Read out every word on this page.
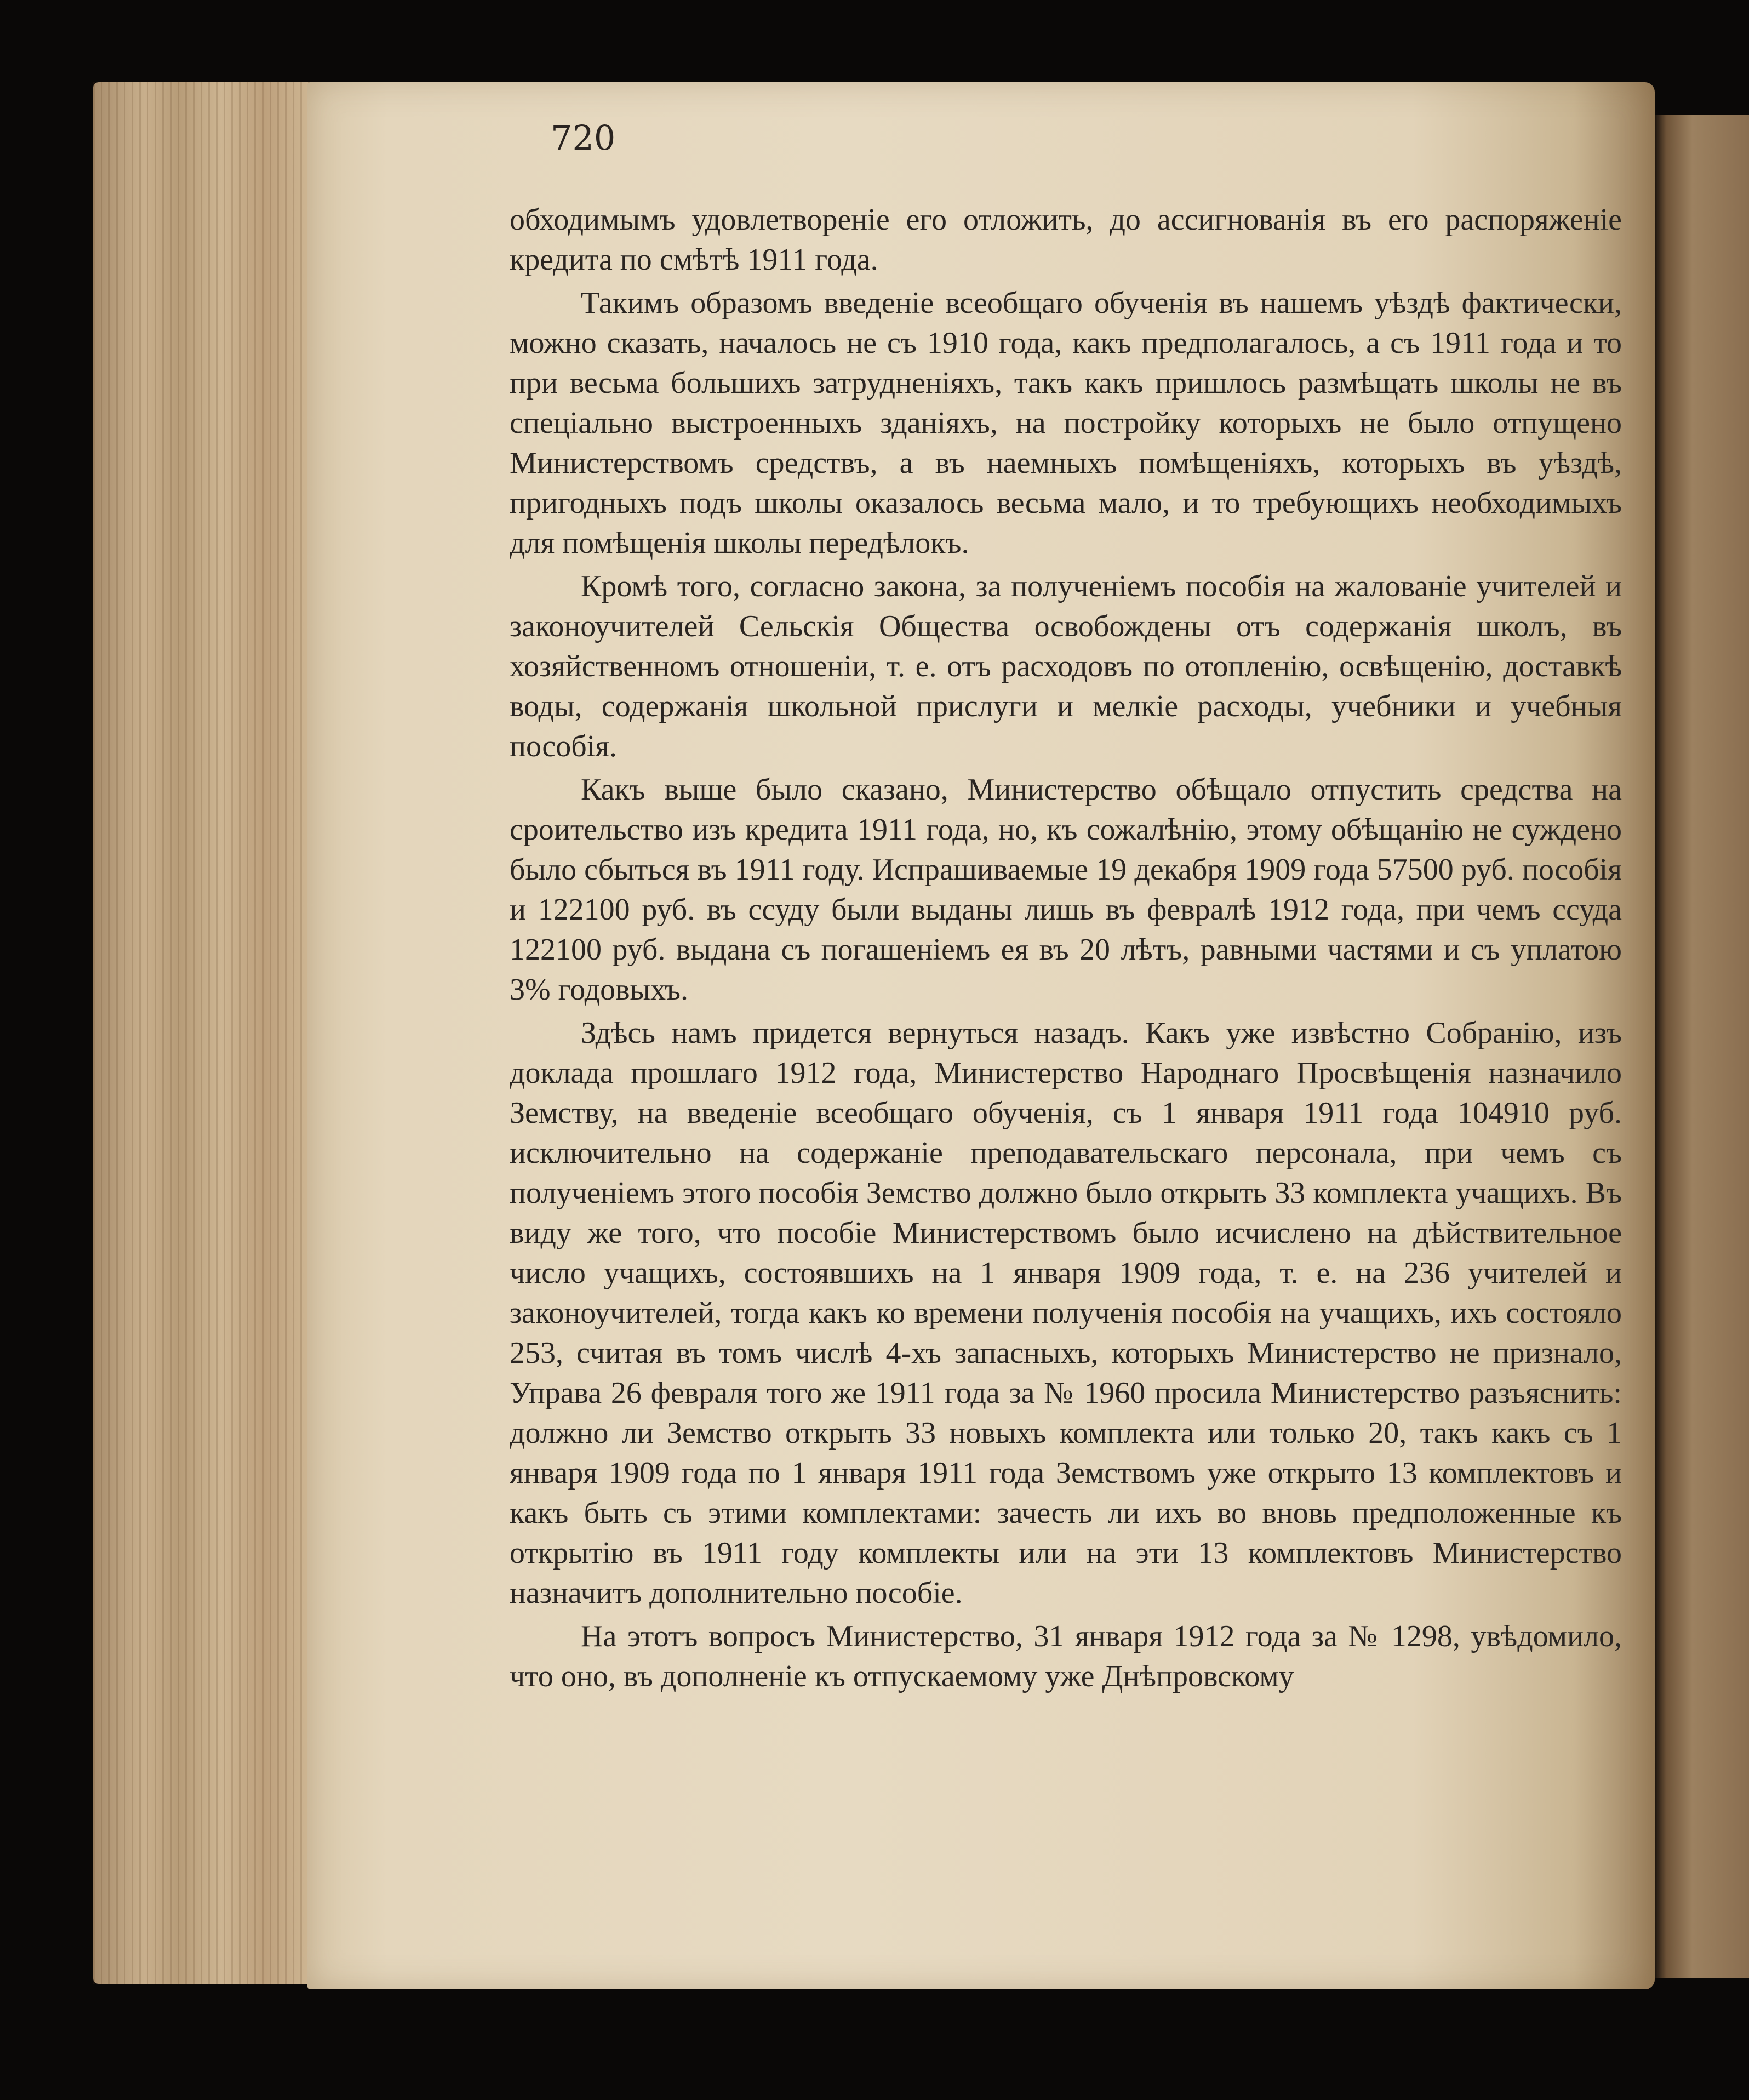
720

обходимымъ удовлетвореніе его отложить, до ассигнованія въ его распоряженіе кредита по смѣтѣ 1911 года.

Такимъ образомъ введеніе всеобщаго обученія въ нашемъ уѣздѣ фактически, можно сказать, началось не съ 1910 года, какъ предполагалось, а съ 1911 года и то при весьма большихъ затрудненіяхъ, такъ какъ пришлось размѣщать школы не въ спеціально выстроенныхъ зданіяхъ, на постройку которыхъ не было отпущено Министерствомъ средствъ, а въ наемныхъ помѣщеніяхъ, которыхъ въ уѣздѣ, пригодныхъ подъ школы оказалось весьма мало, и то требующихъ необходимыхъ для помѣщенія школы передѣлокъ.

Кромѣ того, согласно закона, за полученіемъ пособія на жалованіе учителей и законоучителей Сельскія Общества освобождены отъ содержанія школъ, въ хозяйственномъ отношеніи, т. е. отъ расходовъ по отопленію, освѣщенію, доставкѣ воды, содержанія школьной прислуги и мелкіе расходы, учебники и учебныя пособія.

Какъ выше было сказано, Министерство обѣщало отпустить средства на сроительство изъ кредита 1911 года, но, къ сожалѣнію, этому обѣщанію не суждено было сбыться въ 1911 году. Испрашиваемые 19 декабря 1909 года 57500 руб. пособія и 122100 руб. въ ссуду были выданы лишь въ февралѣ 1912 года, при чемъ ссуда 122100 руб. выдана съ погашеніемъ ея въ 20 лѣтъ, равными частями и съ уплатою 3% годовыхъ.

Здѣсь намъ придется вернуться назадъ. Какъ уже извѣстно Собранію, изъ доклада прошлаго 1912 года, Министерство Народнаго Просвѣщенія назначило Земству, на введеніе всеобщаго обученія, съ 1 января 1911 года 104910 руб. исключительно на содержаніе преподавательскаго персонала, при чемъ съ полученіемъ этого пособія Земство должно было открыть 33 комплекта учащихъ. Въ виду же того, что пособіе Министерствомъ было исчислено на дѣйствительное число учащихъ, состоявшихъ на 1 января 1909 года, т. е. на 236 учителей и законоучителей, тогда какъ ко времени полученія пособія на учащихъ, ихъ состояло 253, считая въ томъ числѣ 4-хъ запасныхъ, которыхъ Министерство не признало, Управа 26 февраля того же 1911 года за № 1960 просила Министерство разъяснить: должно ли Земство открыть 33 новыхъ комплекта или только 20, такъ какъ съ 1 января 1909 года по 1 января 1911 года Земствомъ уже открыто 13 комплектовъ и какъ быть съ этими комплектами: зачесть ли ихъ во вновь предположенные къ открытію въ 1911 году комплекты или на эти 13 комплектовъ Министерство назначитъ дополнительно пособіе.

На этотъ вопросъ Министерство, 31 января 1912 года за № 1298, увѣдомило, что оно, въ дополненіе къ отпускаемому уже Днѣпровскому
